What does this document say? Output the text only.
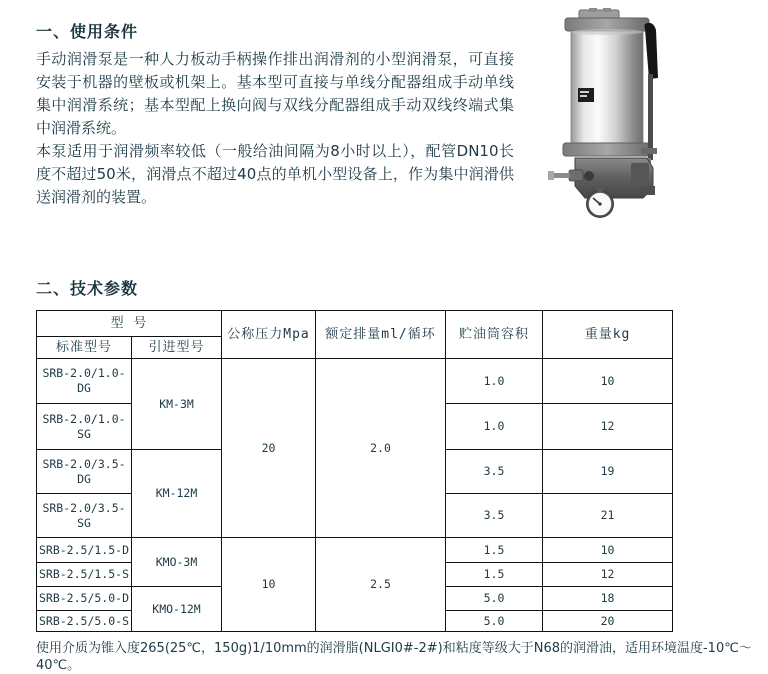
一、使用条件

手动润滑泵是一种人力板动手柄操作排出润滑剂的小型润滑泵，可直接安装于机器的壁板或机架上。基本型可直接与单线分配器组成手动单线集中润滑系统；基本型配上换向阀与双线分配器组成手动双线终端式集中润滑系统。

本泵适用于润滑频率较低（一般给油间隔为8小时以上），配管DN10长度不超过50米，润滑点不超过40点的单机小型设备上，作为集中润滑供送润滑剂的装置。

二、技术参数
型 号		公称压力Mpa	额定排量ml/循环	贮油筒容积	重量kg
标准型号	引进型号				
SRB-2.0/1.0-DG	KM-3M	20	2.0	1.0	10
SRB-2.0/1.0-SG				1.0	12
SRB-2.0/3.5-DG	KM-12M			3.5	19
SRB-2.0/3.5-SG				3.5	21
SRB-2.5/1.5-D	KMO-3M	10	2.5	1.5	10
SRB-2.5/1.5-S				1.5	12
SRB-2.5/5.0-D	KMO-12M			5.0	18
SRB-2.5/5.0-S				5.0	20

使用介质为锥入度265(25℃，150g)1/10mm的润滑脂(NLGI0#-2#)和粘度等级大于N68的润滑油，适用环境温度-10℃～40℃。
